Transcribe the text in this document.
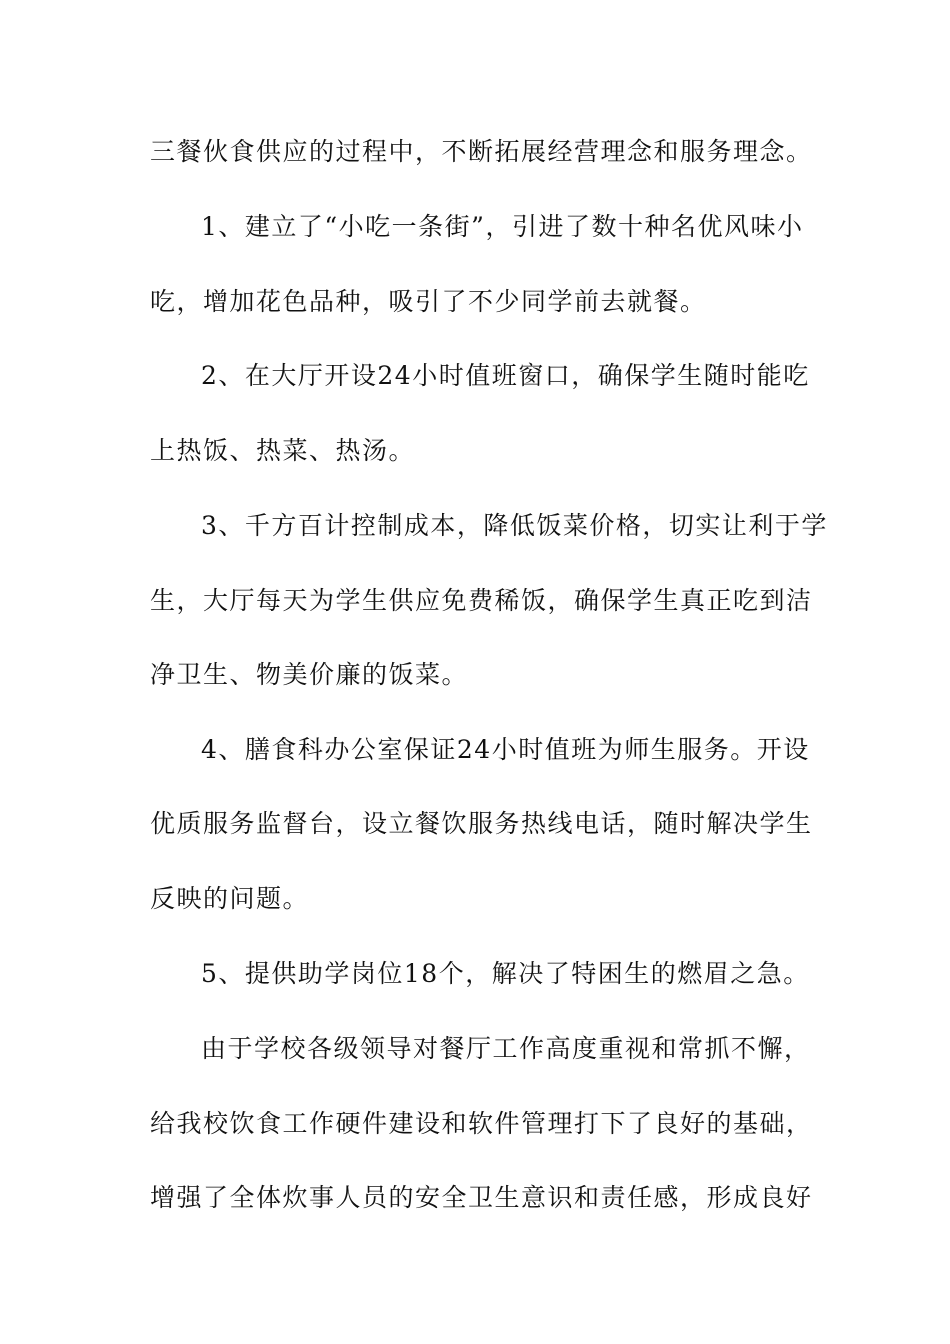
三餐伙食供应的过程中，不断拓展经营理念和服务理念。
1、建立了“小吃一条街”，引进了数十种名优风味小
吃，增加花色品种，吸引了不少同学前去就餐。
2、在大厅开设24小时值班窗口，确保学生随时能吃
上热饭、热菜、热汤。
3、千方百计控制成本，降低饭菜价格，切实让利于学
生，大厅每天为学生供应免费稀饭，确保学生真正吃到洁
净卫生、物美价廉的饭菜。
4、膳食科办公室保证24小时值班为师生服务。开设
优质服务监督台，设立餐饮服务热线电话，随时解决学生
反映的问题。
5、提供助学岗位18个，解决了特困生的燃眉之急。
由于学校各级领导对餐厅工作高度重视和常抓不懈，
给我校饮食工作硬件建设和软件管理打下了良好的基础，
增强了全体炊事人员的安全卫生意识和责任感，形成良好
